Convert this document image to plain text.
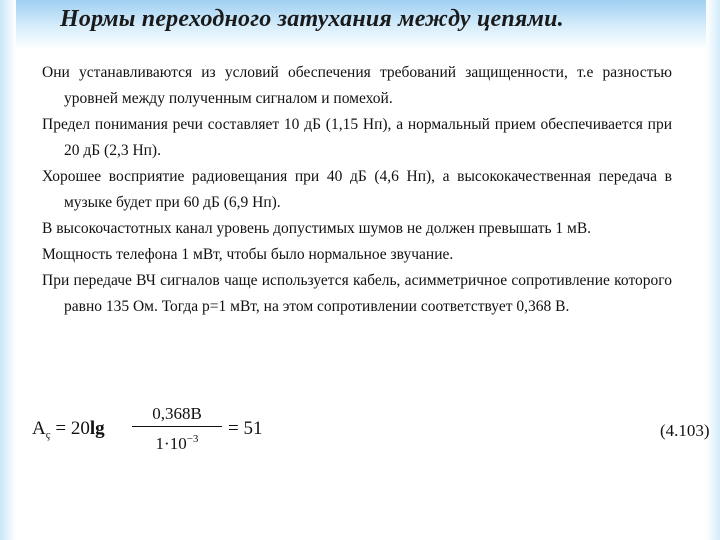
Нормы переходного затухания между цепями.

Они устанавливаются из условий обеспечения требований защищенности, т.е разностью уровней между полученным сигналом и помехой.

Предел понимания речи составляет 10 дБ (1,15 Нп), а нормальный прием обеспечивается при 20 дБ (2,3 Нп).

Хорошее восприятие радиовещания при 40 дБ (4,6 Нп), а высококачественная передача в музыке будет при 60 дБ (6,9 Нп).

В высокочастотных канал уровень допустимых шумов не должен превышать 1 мВ.

Мощность телефона 1 мВт, чтобы было нормальное звучание.

При передаче ВЧ сигналов чаще используется кабель, асимметричное сопротивление которого равно 135 Ом. Тогда p=1 мВт, на этом сопротивлении соответствует 0,368 В.

$A_ç = 20\lg$
0,368В
$1\cdot 10^{-3}$	= 51	(4.103)
